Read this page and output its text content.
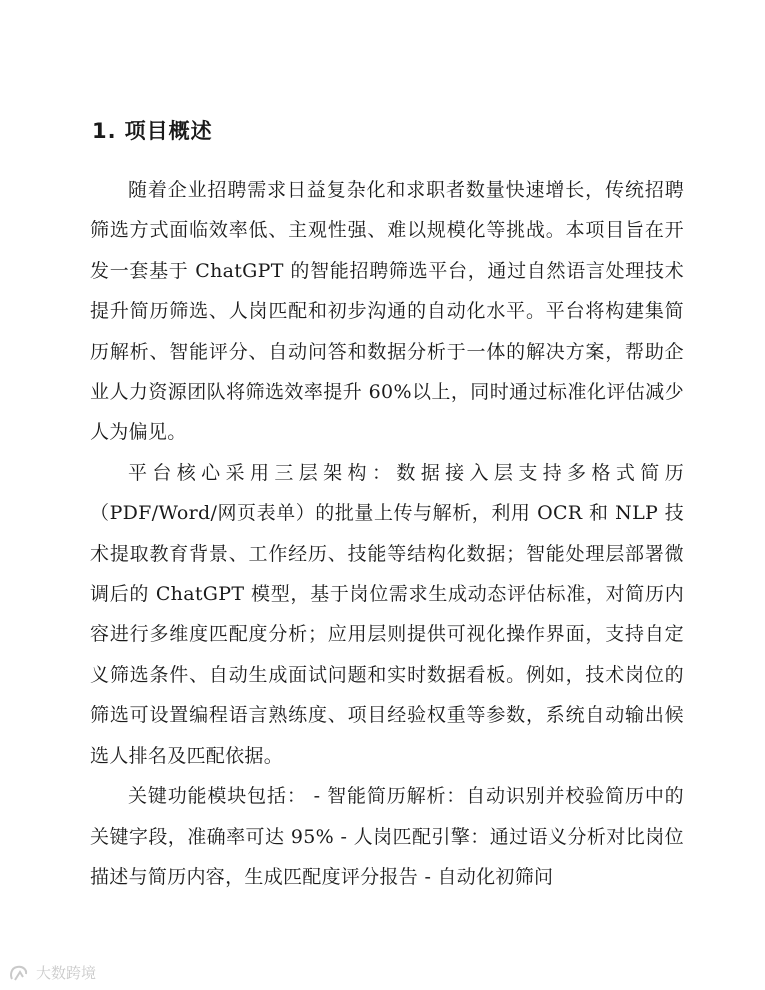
1. 项目概述

随着企业招聘需求日益复杂化和求职者数量快速增长，传统招聘筛选方式面临效率低、主观性强、难以规模化等挑战。本项目旨在开发一套基于 ChatGPT 的智能招聘筛选平台，通过自然语言处理技术提升简历筛选、人岗匹配和初步沟通的自动化水平。平台将构建集简历解析、智能评分、自动问答和数据分析于一体的解决方案，帮助企业人力资源团队将筛选效率提升 60%以上，同时通过标准化评估减少人为偏见。

平台核心采用三层架构：数据接入层支持多格式简历（PDF/Word/网页表单）的批量上传与解析，利用 OCR 和 NLP 技术提取教育背景、工作经历、技能等结构化数据；智能处理层部署微调后的 ChatGPT 模型，基于岗位需求生成动态评估标准，对简历内容进行多维度匹配度分析；应用层则提供可视化操作界面，支持自定义筛选条件、自动生成面试问题和实时数据看板。例如，技术岗位的筛选可设置编程语言熟练度、项目经验权重等参数，系统自动输出候选人排名及匹配依据。

关键功能模块包括： - 智能简历解析：自动识别并校验简历中的关键字段，准确率可达 95% - 人岗匹配引擎：通过语义分析对比岗位描述与简历内容，生成匹配度评分报告 - 自动化初筛问

大数跨境
